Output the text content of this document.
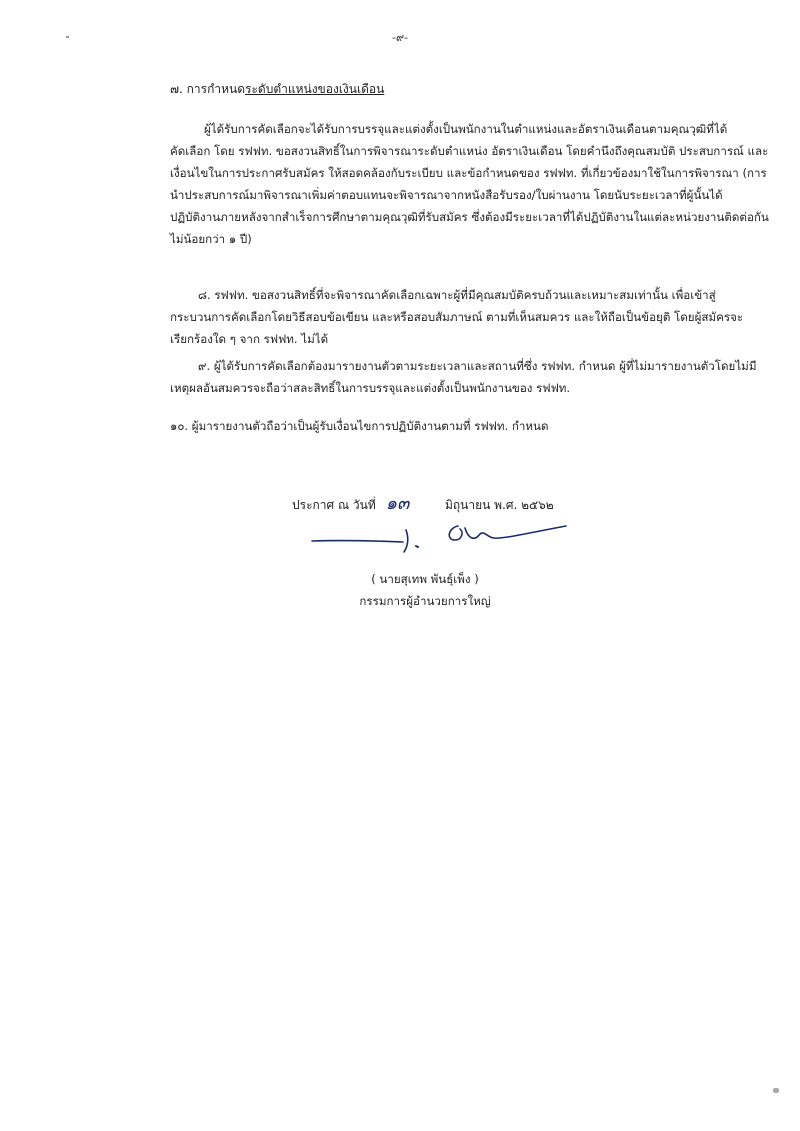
-๙-
๗. การกำหนดระดับตำแหน่งของเงินเดือน
ผู้ได้รับการคัดเลือกจะได้รับการบรรจุและแต่งตั้งเป็นพนักงานในตำแหน่งและอัตราเงินเดือนตามคุณวุฒิที่ได้
คัดเลือก โดย รฟฟท. ขอสงวนสิทธิ์ในการพิจารณาระดับตำแหน่ง อัตราเงินเดือน โดยคำนึงถึงคุณสมบัติ ประสบการณ์ และ
เงื่อนไขในการประกาศรับสมัคร ให้สอดคล้องกับระเบียบ และข้อกำหนดของ รฟฟท. ที่เกี่ยวข้องมาใช้ในการพิจารณา (การ
นำประสบการณ์มาพิจารณาเพิ่มค่าตอบแทนจะพิจารณาจากหนังสือรับรอง/ใบผ่านงาน โดยนับระยะเวลาที่ผู้นั้นได้
ปฏิบัติงานภายหลังจากสำเร็จการศึกษาตามคุณวุฒิที่รับสมัคร ซึ่งต้องมีระยะเวลาที่ได้ปฏิบัติงานในแต่ละหน่วยงานติดต่อกัน
ไม่น้อยกว่า ๑ ปี)
๘. รฟฟท. ขอสงวนสิทธิ์ที่จะพิจารณาคัดเลือกเฉพาะผู้ที่มีคุณสมบัติครบถ้วนและเหมาะสมเท่านั้น เพื่อเข้าสู่
กระบวนการคัดเลือกโดยวิธีสอบข้อเขียน และหรือสอบสัมภาษณ์ ตามที่เห็นสมควร และให้ถือเป็นข้อยุติ โดยผู้สมัครจะ
เรียกร้องใด ๆ จาก รฟฟท. ไม่ได้
๙. ผู้ได้รับการคัดเลือกต้องมารายงานตัวตามระยะเวลาและสถานที่ซึ่ง รฟฟท. กำหนด ผู้ที่ไม่มารายงานตัวโดยไม่มี
เหตุผลอันสมควรจะถือว่าสละสิทธิ์ในการบรรจุและแต่งตั้งเป็นพนักงานของ รฟฟท.
๑๐. ผู้มารายงานตัวถือว่าเป็นผู้รับเงื่อนไขการปฏิบัติงานตามที่ รฟฟท. กำหนด
ประกาศ ณ วันที่ ๑๓	มิถุนายน พ.ศ. ๒๕๖๒
( นายสุเทพ พันธุ์เพ็ง )
กรรมการผู้อำนวยการใหญ่
